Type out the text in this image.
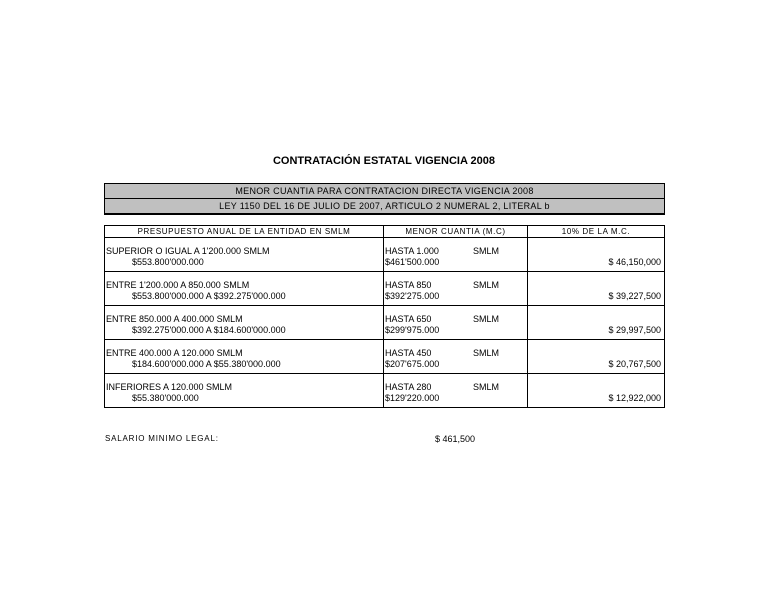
CONTRATACIÓN ESTATAL VIGENCIA 2008
MENOR CUANTIA PARA CONTRATACION DIRECTA VIGENCIA 2008
LEY 1150 DEL 16 DE JULIO DE 2007, ARTICULO 2 NUMERAL 2, LITERAL b
PRESUPUESTO ANUAL DE LA ENTIDAD EN SMLM	MENOR CUANTIA (M.C)	10% DE LA M.C.

SUPERIOR O IGUAL A 1'200.000 SMLM
$553.800'000.000	HASTA 1.000 SMLM
$461'500.000	$ 46,150,000

ENTRE 1'200.000 A 850.000 SMLM
$553.800'000.000 A $392.275'000.000	HASTA 850 SMLM
$392'275.000	$ 39,227,500

ENTRE 850.000 A 400.000 SMLM
$392.275'000.000 A $184.600'000.000	HASTA 650 SMLM
$299'975.000	$ 29,997,500

ENTRE 400.000 A 120.000 SMLM
$184.600'000.000 A $55.380'000.000	HASTA 450 SMLM
$207'675.000	$ 20,767,500

INFERIORES A 120.000 SMLM
$55.380'000.000	HASTA 280 SMLM
$129'220.000	$ 12,922,000
SALARIO MINIMO LEGAL:	$ 461,500
